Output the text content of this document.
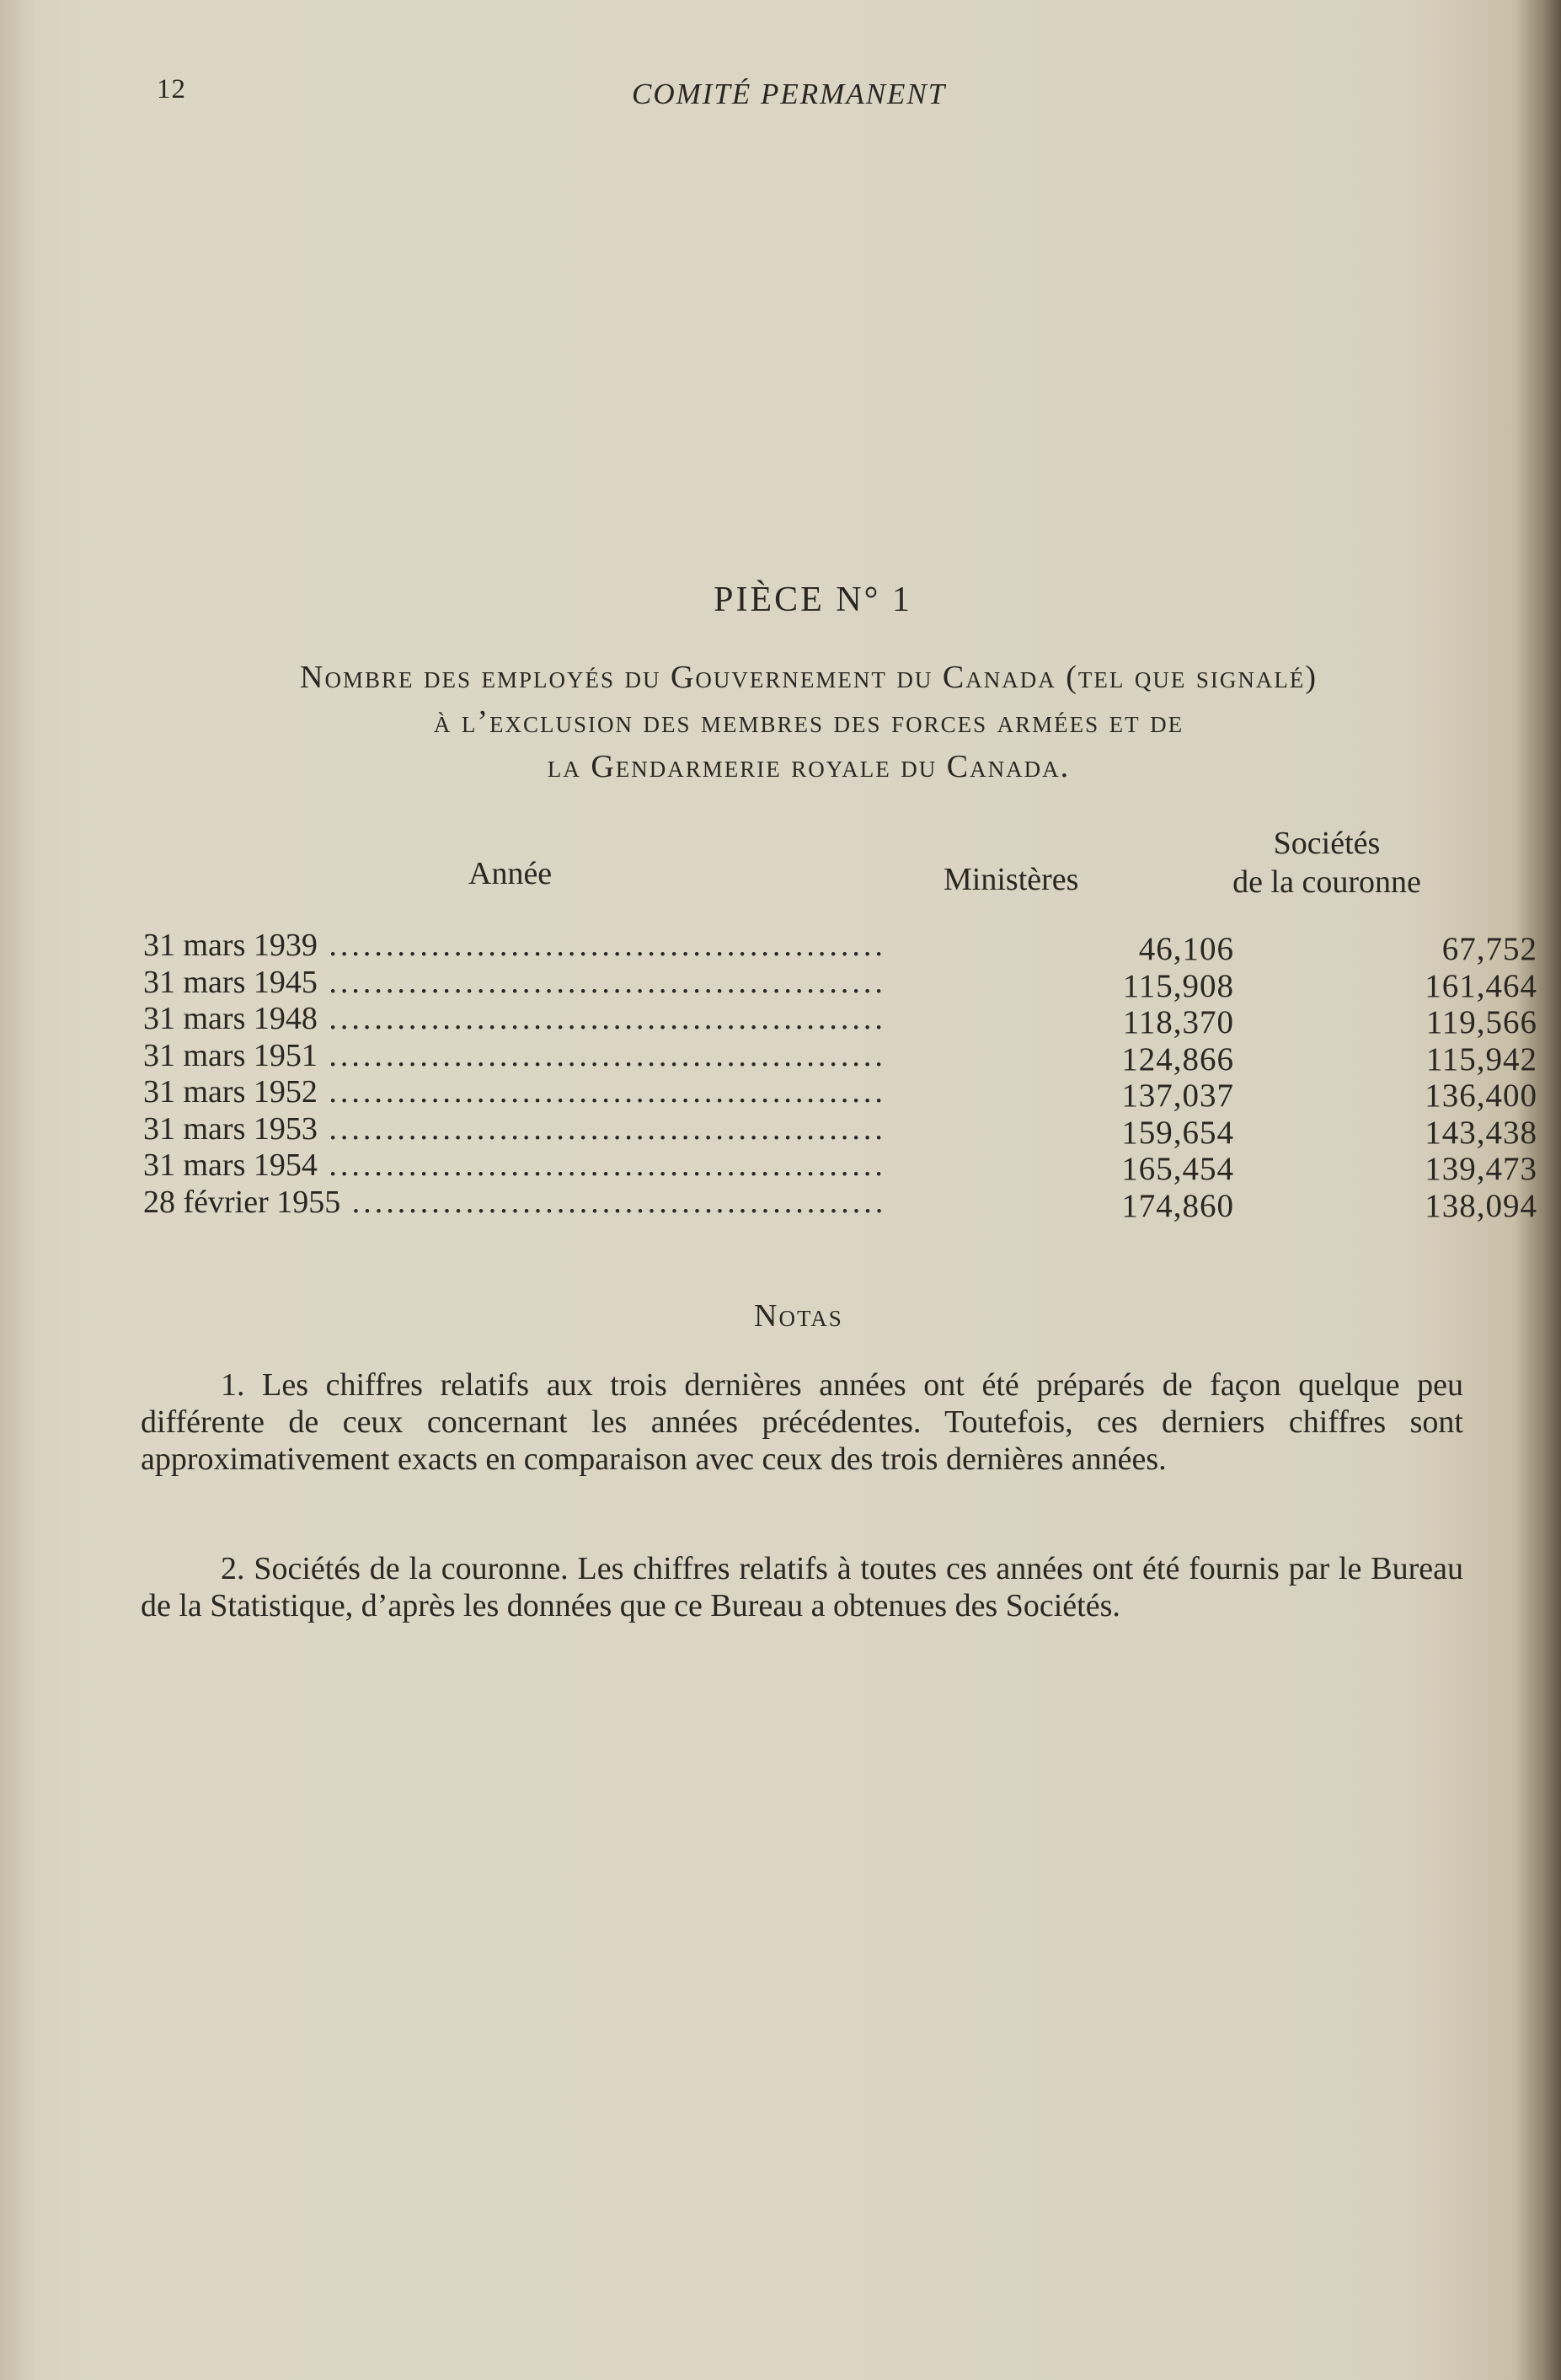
12	COMITÉ PERMANENT
PIÈCE N° 1
Nombre des employés du Gouvernement du Canada (tel que signalé)
à l’exclusion des membres des forces armées et de
la Gendarmerie royale du Canada.
Année	Ministères
Sociétés
de la couronne
31 mars 1939 .....	46,106	67,752
31 mars 1945 .....	115,908	161,464
31 mars 1948 .....	118,370	119,566
31 mars 1951 .....	124,866	115,942
31 mars 1952 .....	137,037	136,400
31 mars 1953 .....	159,654	143,438
31 mars 1954 .....	165,454	139,473
28 février 1955 .....	174,860	138,094
Notas
1. Les chiffres relatifs aux trois dernières années ont été préparés de façon quelque peu différente de ceux concernant les années précédentes. Toutefois, ces derniers chiffres sont approximativement exacts en comparaison avec ceux des trois dernières années.
2. Sociétés de la couronne. Les chiffres relatifs à toutes ces années ont été fournis par le Bureau de la Statistique, d’après les données que ce Bureau a obtenues des Sociétés.
